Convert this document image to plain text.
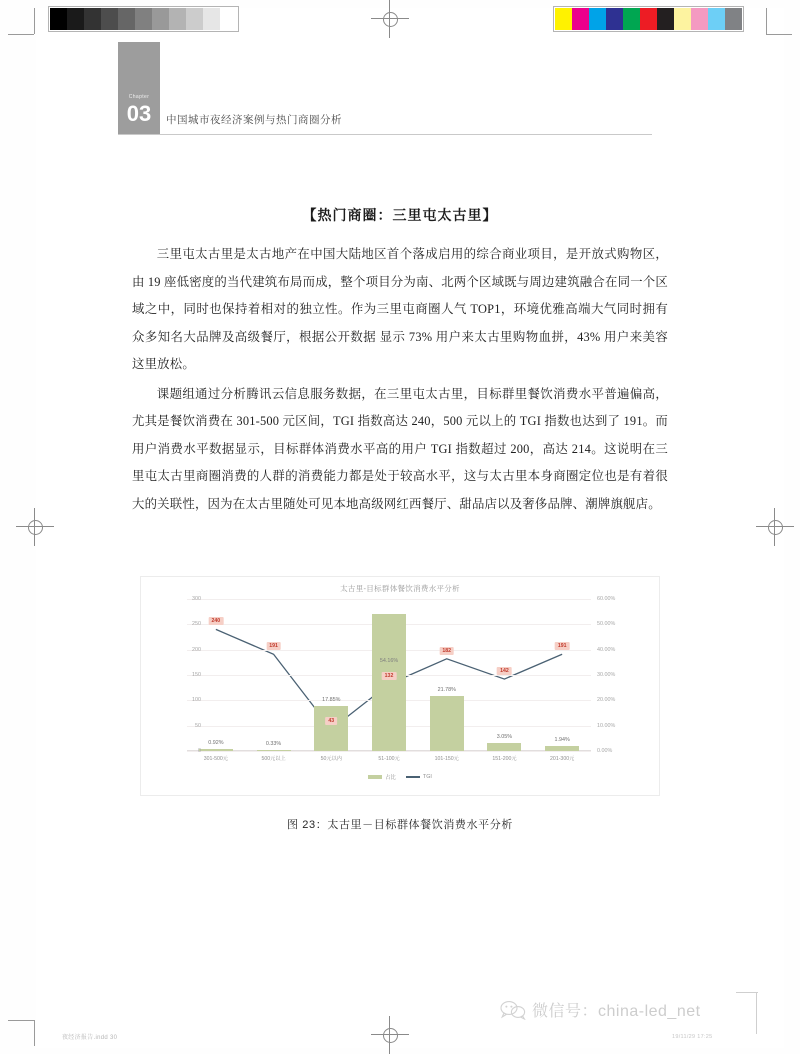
Chapter
03	中国城市夜经济案例与热门商圈分析
【热门商圈：三里屯太古里】

三里屯太古里是太古地产在中国大陆地区首个落成启用的综合商业项目，是开放式购物区，由 19 座低密度的当代建筑布局而成，整个项目分为南、北两个区域既与周边建筑融合在同一个区域之中，同时也保持着相对的独立性。作为三里屯商圈人气 TOP1，环境优雅高端大气同时拥有众多知名大品牌及高级餐厅，根据公开数据 显示 73% 用户来太古里购物血拼，43% 用户来美容这里放松。

课题组通过分析腾讯云信息服务数据，在三里屯太古里，目标群里餐饮消费水平普遍偏高，尤其是餐饮消费在 301-500 元区间，TGI 指数高达 240，500 元以上的 TGI 指数也达到了 191。而用户消费水平数据显示，目标群体消费水平高的用户 TGI 指数超过 200，高达 214。这说明在三里屯太古里商圈消费的人群的消费能力都是处于较高水平，这与太古里本身商圈定位也是有着很大的关联性，因为在太古里随处可见本地高级网红西餐厅、甜品店以及奢侈品牌、潮牌旗舰店。

太古里-目标群体餐饮消费水平分析
0.92%	0.33%
17.85%
54.16%
21.78%
3.05%	1.94%
301-500元	500元以上	50元以内	51-100元	101-150元	151-200元	201-300元
占比	TGI
0	0.00%
50	10.00%
100	20.00%
150	30.00%
200	40.00%
250	50.00%
300	60.00%
240
191
43
132
182
142
191
图 23：太古里－目标群体餐饮消费水平分析
夜经济报告.indd 30
微信号：china-led_net
19/11/29 17:25
